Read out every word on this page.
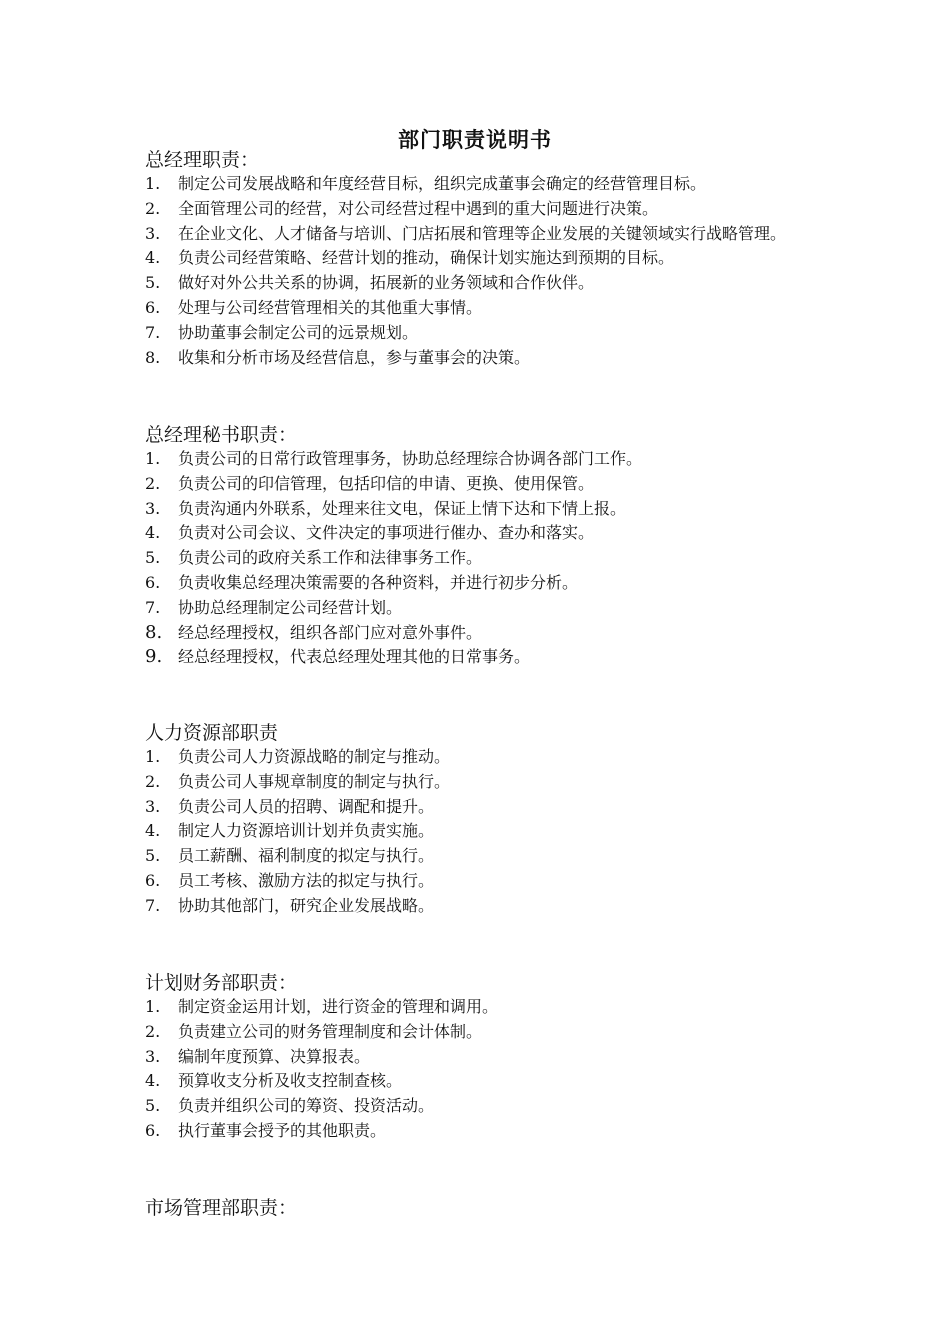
部门职责说明书
总经理职责：
1. 制定公司发展战略和年度经营目标，组织完成董事会确定的经营管理目标。
2. 全面管理公司的经营，对公司经营过程中遇到的重大问题进行决策。
3. 在企业文化、人才储备与培训、门店拓展和管理等企业发展的关键领域实行战略管理。
4. 负责公司经营策略、经营计划的推动，确保计划实施达到预期的目标。
5. 做好对外公共关系的协调，拓展新的业务领域和合作伙伴。
6. 处理与公司经营管理相关的其他重大事情。
7. 协助董事会制定公司的远景规划。
8. 收集和分析市场及经营信息，参与董事会的决策。
总经理秘书职责：
1. 负责公司的日常行政管理事务，协助总经理综合协调各部门工作。
2. 负责公司的印信管理，包括印信的申请、更换、使用保管。
3. 负责沟通内外联系，处理来往文电，保证上情下达和下情上报。
4. 负责对公司会议、文件决定的事项进行催办、查办和落实。
5. 负责公司的政府关系工作和法律事务工作。
6. 负责收集总经理决策需要的各种资料，并进行初步分析。
7. 协助总经理制定公司经营计划。
8. 经总经理授权，组织各部门应对意外事件。
9. 经总经理授权，代表总经理处理其他的日常事务。
人力资源部职责
1. 负责公司人力资源战略的制定与推动。
2. 负责公司人事规章制度的制定与执行。
3. 负责公司人员的招聘、调配和提升。
4. 制定人力资源培训计划并负责实施。
5. 员工薪酬、福利制度的拟定与执行。
6. 员工考核、激励方法的拟定与执行。
7. 协助其他部门，研究企业发展战略。
计划财务部职责：
1. 制定资金运用计划，进行资金的管理和调用。
2. 负责建立公司的财务管理制度和会计体制。
3. 编制年度预算、决算报表。
4. 预算收支分析及收支控制查核。
5. 负责并组织公司的筹资、投资活动。
6. 执行董事会授予的其他职责。
市场管理部职责：
